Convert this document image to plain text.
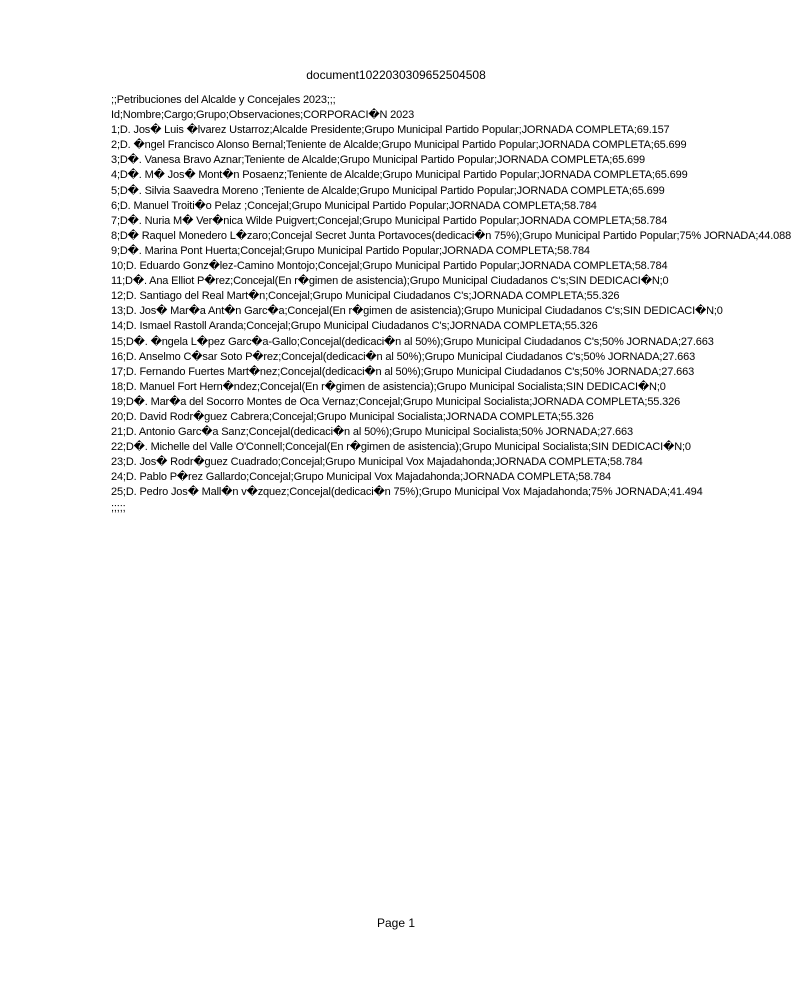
document1022030309652504508
;;Petribuciones del Alcalde y Concejales 2023;;;
Id;Nombre;Cargo;Grupo;Observaciones;CORPORACI�N 2023
1;D. Jos� Luis �lvarez Ustarroz;Alcalde Presidente;Grupo Municipal Partido Popular;JORNADA COMPLETA;69.157
2;D. �ngel Francisco Alonso Bernal;Teniente de Alcalde;Grupo Municipal Partido Popular;JORNADA COMPLETA;65.699
3;D�. Vanesa Bravo Aznar;Teniente de Alcalde;Grupo Municipal Partido Popular;JORNADA COMPLETA;65.699
4;D�. M� Jos� Mont�n Posaenz;Teniente de Alcalde;Grupo Municipal Partido Popular;JORNADA COMPLETA;65.699
5;D�. Silvia Saavedra Moreno ;Teniente de Alcalde;Grupo Municipal Partido Popular;JORNADA COMPLETA;65.699
6;D. Manuel Troiti�o Pelaz ;Concejal;Grupo Municipal Partido Popular;JORNADA COMPLETA;58.784
7;D�. Nuria M� Ver�nica Wilde Puigvert;Concejal;Grupo Municipal Partido Popular;JORNADA COMPLETA;58.784
8;D� Raquel Monedero L�zaro;Concejal Secret Junta Portavoces(dedicaci�n 75%);Grupo Municipal Partido Popular;75% JORNADA;44.088
9;D�. Marina Pont Huerta;Concejal;Grupo Municipal Partido Popular;JORNADA COMPLETA;58.784
10;D. Eduardo Gonz�lez-Camino Montojo;Concejal;Grupo Municipal Partido Popular;JORNADA COMPLETA;58.784
11;D�. Ana Elliot P�rez;Concejal(En r�gimen de asistencia);Grupo Municipal Ciudadanos C's;SIN DEDICACI�N;0
12;D. Santiago del Real Mart�n;Concejal;Grupo Municipal Ciudadanos C's;JORNADA COMPLETA;55.326
13;D. Jos� Mar�a Ant�n Garc�a;Concejal(En r�gimen de asistencia);Grupo Municipal Ciudadanos C's;SIN DEDICACI�N;0
14;D. Ismael Rastoll Aranda;Concejal;Grupo Municipal Ciudadanos C's;JORNADA COMPLETA;55.326
15;D�. �ngela L�pez Garc�a-Gallo;Concejal(dedicaci�n al 50%);Grupo Municipal Ciudadanos C's;50% JORNADA;27.663
16;D. Anselmo C�sar Soto P�rez;Concejal(dedicaci�n al 50%);Grupo Municipal Ciudadanos C's;50% JORNADA;27.663
17;D. Fernando Fuertes Mart�nez;Concejal(dedicaci�n al 50%);Grupo Municipal Ciudadanos C's;50% JORNADA;27.663
18;D. Manuel Fort Hern�ndez;Concejal(En r�gimen de asistencia);Grupo Municipal Socialista;SIN DEDICACI�N;0
19;D�. Mar�a del Socorro Montes de Oca Vernaz;Concejal;Grupo Municipal Socialista;JORNADA COMPLETA;55.326
20;D. David Rodr�guez Cabrera;Concejal;Grupo Municipal Socialista;JORNADA COMPLETA;55.326
21;D. Antonio Garc�a Sanz;Concejal(dedicaci�n al 50%);Grupo Municipal Socialista;50% JORNADA;27.663
22;D�. Michelle del Valle O'Connell;Concejal(En r�gimen de asistencia);Grupo Municipal Socialista;SIN DEDICACI�N;0
23;D. Jos� Rodr�guez Cuadrado;Concejal;Grupo Municipal Vox Majadahonda;JORNADA COMPLETA;58.784
24;D. Pablo P�rez Gallardo;Concejal;Grupo Municipal Vox Majadahonda;JORNADA COMPLETA;58.784
25;D. Pedro Jos� Mall�n v�zquez;Concejal(dedicaci�n 75%);Grupo Municipal Vox Majadahonda;75% JORNADA;41.494
;;;;;
Page 1
